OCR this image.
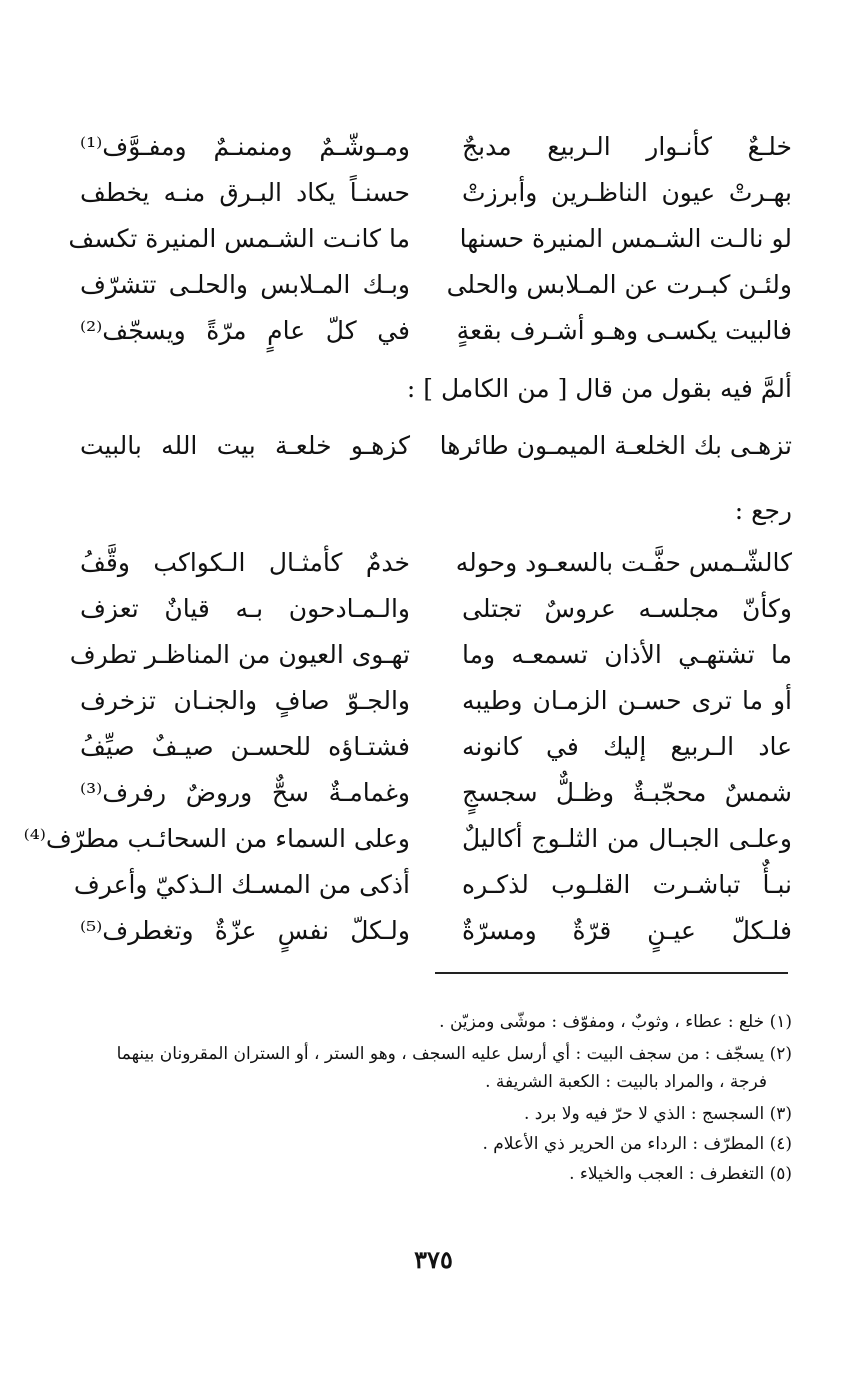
خلـعٌ كأنـوار الـربيع مدبجٌ
ومـوشّـمٌ ومنمنـمٌ ومفـوَّف⁽¹⁾
بهـرتْ عيون الناظـرين وأبرزتْ
حسنـاً يكاد البـرق منـه يخطف
لو نالـت الشـمس المنيرة حسنها
ما كانـت الشـمس المنيرة تكسف
ولئـن كبـرت عن المـلابس والحلى
وبـك المـلابس والحلـى تتشرّف
فالبيت يكسـى وهـو أشـرف بقعةٍ
في كلّ عامٍ مرّةً ويسجّف⁽²⁾
ألمَّ فيه بقول من قال [ من الكامل ] :
تزهـى بك الخلعـة الميمـون طائرها
كزهـو خلعـة بيت الله بالبيت
رجع :
كالشّـمس حفَّـت بالسعـود وحوله
خدمٌ كأمثـال الـكواكب وقَّفُ
وكأنّ مجلسـه عروسٌ تجتلى
والـمـادحون بـه قيانٌ تعزف
ما تشتهـي الأذان تسمعـه وما
تهـوى العيون من المناظـر تطرف
أو ما ترى حسـن الزمـان وطيبه
والجـوّ صافٍ والجنـان تزخرف
عاد الـربيع إليك في كانونه
فشتـاؤه للحسـن صيـفٌ صيِّفُ
شمسٌ محجّبـةٌ وظـلٌّ سجسجٍ
وغمامـةٌ سحٌّ وروضٌ رفرف⁽³⁾
وعلـى الجبـال من الثلـوج أكاليلٌ
وعلى السماء من السحائـب مطرّف⁽⁴⁾
نبـأٌ تباشـرت القلـوب لذكـره
أذكى من المسـك الـذكيّ وأعرف
فلـكلّ عيـنٍ قرّةٌ ومسرّةٌ
ولـكلّ نفسٍ عزّةٌ وتغطرف⁽⁵⁾
(١) خلع : عطاء ، وثوبٌ ، ومفوّف : موشّى ومزيّن .
(٢) يسجّف : من سجف البيت : أي أرسل عليه السجف ، وهو الستر ، أو الستران المقرونان بينهما
فرجة ، والمراد بالبيت : الكعبة الشريفة .
(٣) السجسج : الذي لا حرّ فيه ولا برد .
(٤) المطرّف : الرداء من الحرير ذي الأعلام .
(٥) التغطرف : العجب والخيلاء .
٣٧٥
